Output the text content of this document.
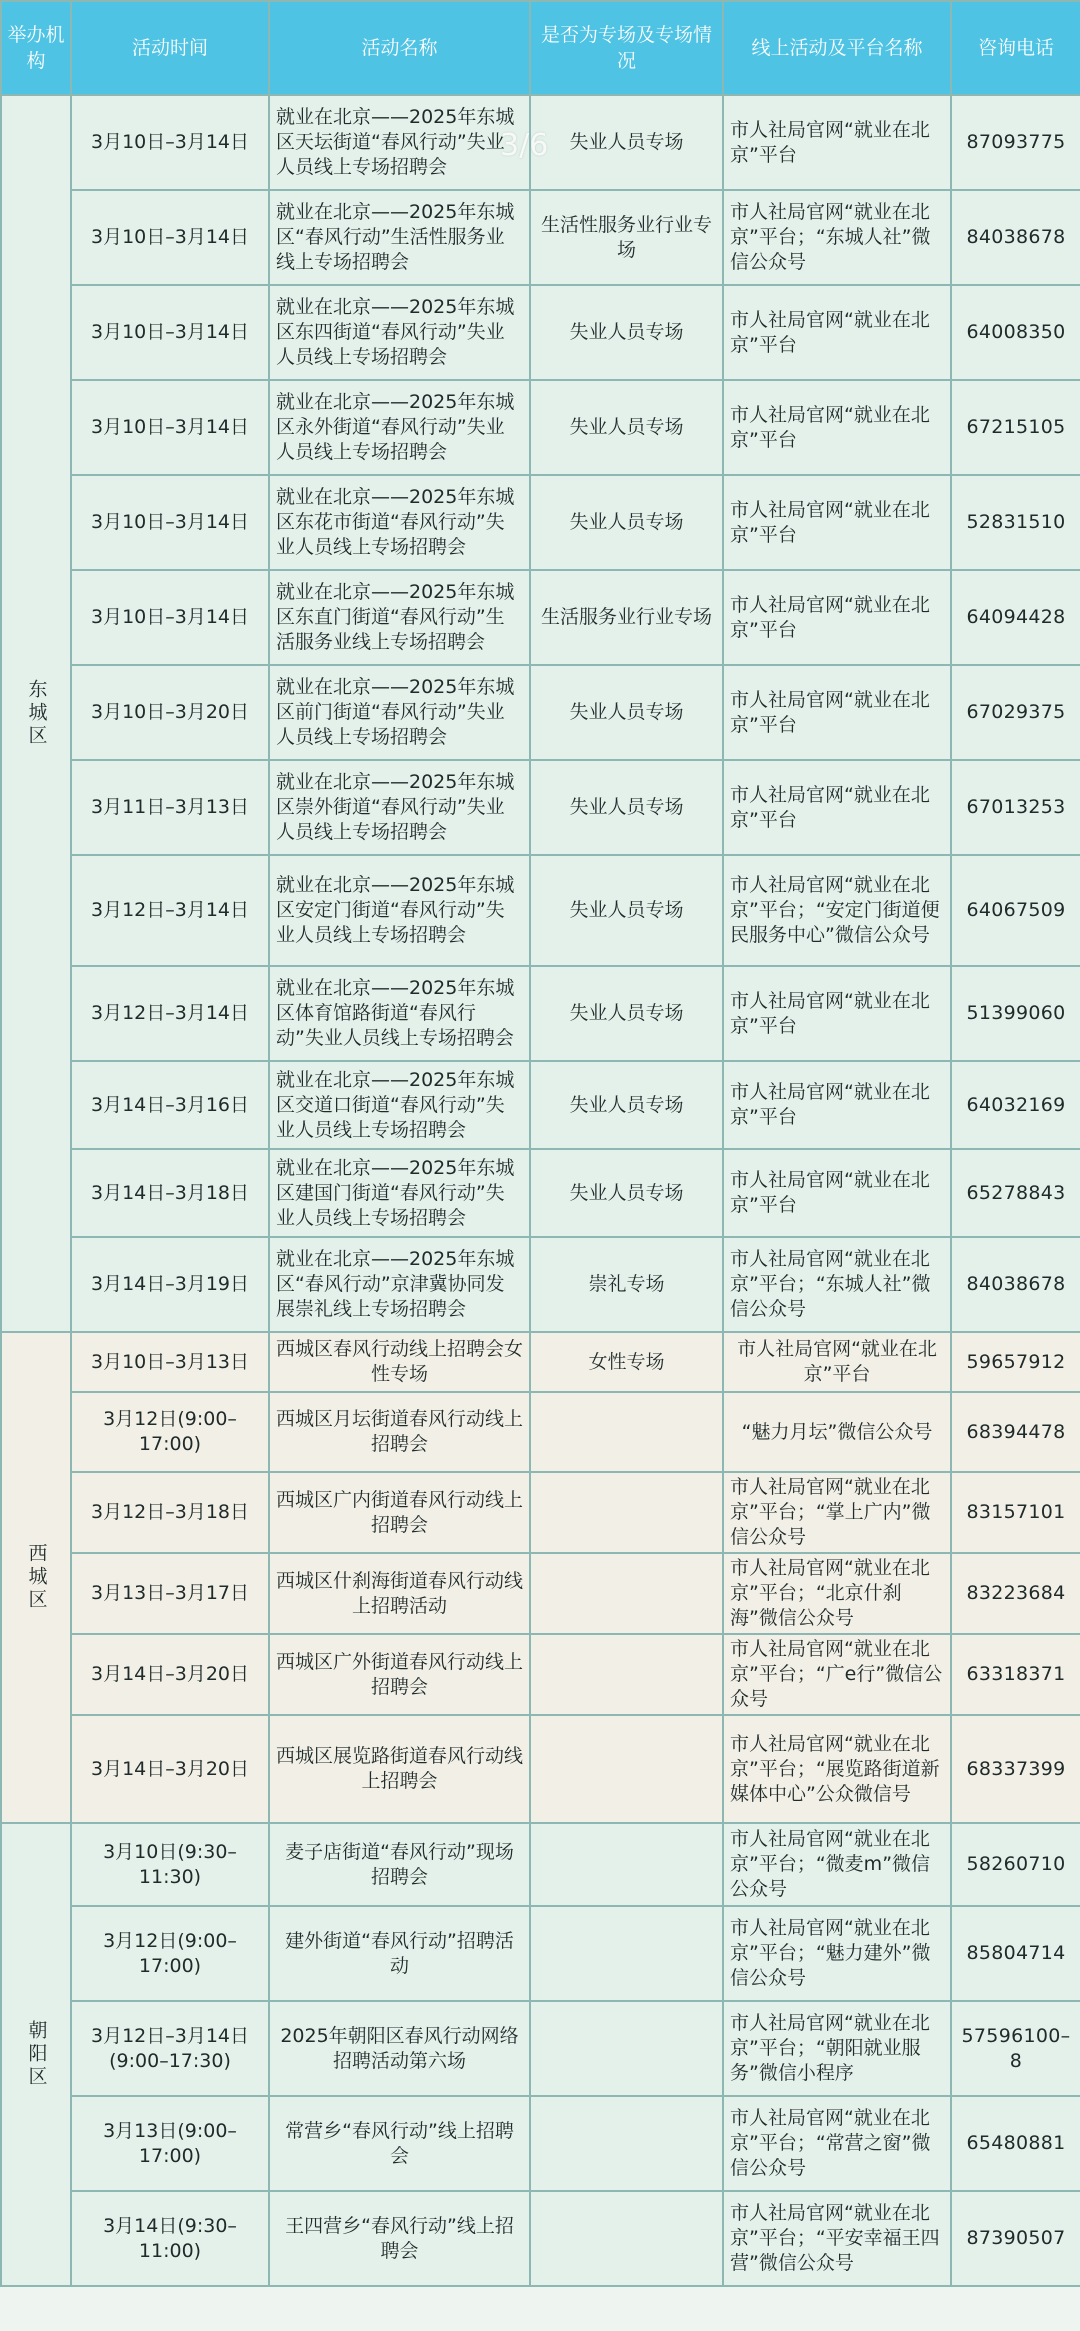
举办机构	活动时间	活动名称	是否为专场及专场情况	线上活动及平台名称	咨询电话
东城区	3月10日–3月14日	就业在北京——2025年东城区天坛街道“春风行动”失业人员线上专场招聘会	失业人员专场	市人社局官网“就业在北京”平台	87093775
	3月10日–3月14日	就业在北京——2025年东城区“春风行动”生活性服务业线上专场招聘会	生活性服务业行业专场	市人社局官网“就业在北京”平台；“东城人社”微信公众号	84038678
	3月10日–3月14日	就业在北京——2025年东城区东四街道“春风行动”失业人员线上专场招聘会	失业人员专场	市人社局官网“就业在北京”平台	64008350
	3月10日–3月14日	就业在北京——2025年东城区永外街道“春风行动”失业人员线上专场招聘会	失业人员专场	市人社局官网“就业在北京”平台	67215105
	3月10日–3月14日	就业在北京——2025年东城区东花市街道“春风行动”失业人员线上专场招聘会	失业人员专场	市人社局官网“就业在北京”平台	52831510
	3月10日–3月14日	就业在北京——2025年东城区东直门街道“春风行动”生活服务业线上专场招聘会	生活服务业行业专场	市人社局官网“就业在北京”平台	64094428
	3月10日–3月20日	就业在北京——2025年东城区前门街道“春风行动”失业人员线上专场招聘会	失业人员专场	市人社局官网“就业在北京”平台	67029375
	3月11日–3月13日	就业在北京——2025年东城区崇外街道“春风行动”失业人员线上专场招聘会	失业人员专场	市人社局官网“就业在北京”平台	67013253
	3月12日–3月14日	就业在北京——2025年东城区安定门街道“春风行动”失业人员线上专场招聘会	失业人员专场	市人社局官网“就业在北京”平台；“安定门街道便民服务中心”微信公众号	64067509
	3月12日–3月14日	就业在北京——2025年东城区体育馆路街道“春风行动”失业人员线上专场招聘会	失业人员专场	市人社局官网“就业在北京”平台	51399060
	3月14日–3月16日	就业在北京——2025年东城区交道口街道“春风行动”失业人员线上专场招聘会	失业人员专场	市人社局官网“就业在北京”平台	64032169
	3月14日–3月18日	就业在北京——2025年东城区建国门街道“春风行动”失业人员线上专场招聘会	失业人员专场	市人社局官网“就业在北京”平台	65278843
	3月14日–3月19日	就业在北京——2025年东城区“春风行动”京津冀协同发展崇礼线上专场招聘会	崇礼专场	市人社局官网“就业在北京”平台；“东城人社”微信公众号	84038678
西城区	3月10日–3月13日	西城区春风行动线上招聘会女性专场	女性专场	市人社局官网“就业在北京”平台	59657912
	3月12日(9:00–17:00)	西城区月坛街道春风行动线上招聘会		“魅力月坛”微信公众号	68394478
	3月12日–3月18日	西城区广内街道春风行动线上招聘会		市人社局官网“就业在北京”平台；“掌上广内”微信公众号	83157101
	3月13日–3月17日	西城区什刹海街道春风行动线上招聘活动		市人社局官网“就业在北京”平台；“北京什刹海”微信公众号	83223684
	3月14日–3月20日	西城区广外街道春风行动线上招聘会		市人社局官网“就业在北京”平台；“广e行”微信公众号	63318371
	3月14日–3月20日	西城区展览路街道春风行动线上招聘会		市人社局官网“就业在北京”平台；“展览路街道新媒体中心”公众微信号	68337399
朝阳区	3月10日(9:30–11:30)	麦子店街道“春风行动”现场招聘会		市人社局官网“就业在北京”平台；“微麦m”微信公众号	58260710
	3月12日(9:00–17:00)	建外街道“春风行动”招聘活动		市人社局官网“就业在北京”平台；“魅力建外”微信公众号	85804714
	3月12日–3月14日(9:00–17:30)	2025年朝阳区春风行动网络招聘活动第六场		市人社局官网“就业在北京”平台；“朝阳就业服务”微信小程序	57596100–8
	3月13日(9:00–17:00)	常营乡“春风行动”线上招聘会		市人社局官网“就业在北京”平台；“常营之窗”微信公众号	65480881
	3月14日(9:30–11:00)	王四营乡“春风行动”线上招聘会		市人社局官网“就业在北京”平台；“平安幸福王四营”微信公众号	87390507
3/6
